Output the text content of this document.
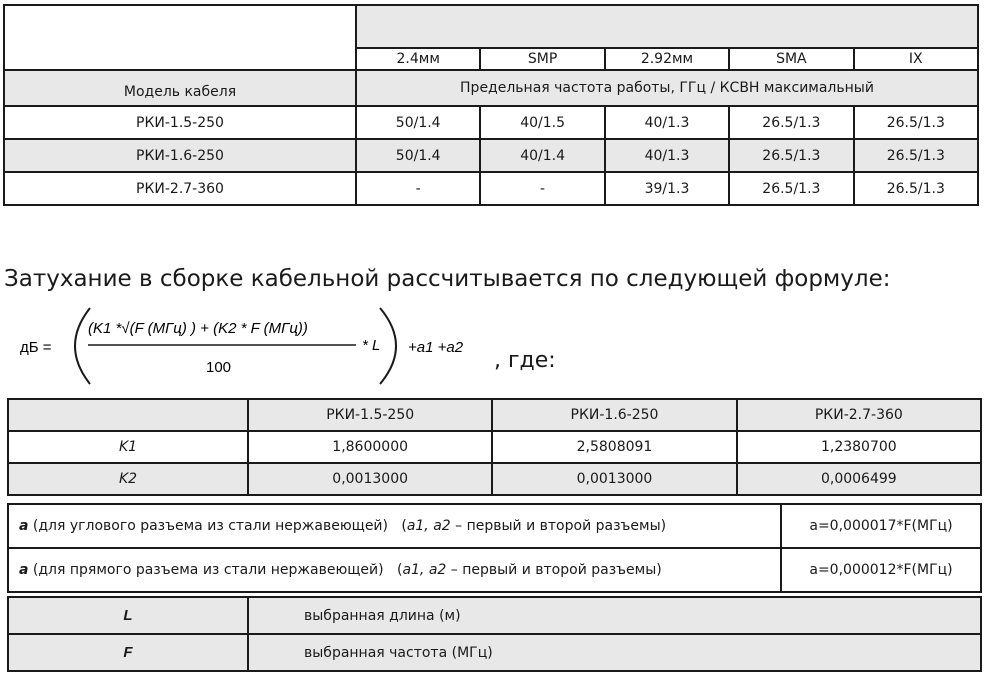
	2.4мм	SMP	2.92мм	SMA	IX
Модель кабеля	Предельная частота работы, ГГц / КСВН максимальный				
РКИ-1.5-250	50/1.4	40/1.5	40/1.3	26.5/1.3	26.5/1.3
РКИ-1.6-250	50/1.4	40/1.4	40/1.3	26.5/1.3	26.5/1.3
РКИ-2.7-360	-	-	39/1.3	26.5/1.3	26.5/1.3
Затухание в сборке кабельной рассчитывается по следующей формуле:
дБ =
(K1 *√(F (МГц) ) + (K2 * F (МГц))
100
* L +a1 +a2
, где:
	РКИ-1.5-250	РКИ-1.6-250	РКИ-2.7-360
K1	1,8600000	2,5808091	1,2380700
K2	0,0013000	0,0013000	0,0006499
a (для углового разъема из стали нержавеющей)   (a1, a2 – первый и второй разъемы)	a=0,000017*F(МГц)
a (для прямого разъема из стали нержавеющей)   (a1, a2 – первый и второй разъемы)	a=0,000012*F(МГц)
L	выбранная длина (м)
F	выбранная частота (МГц)
